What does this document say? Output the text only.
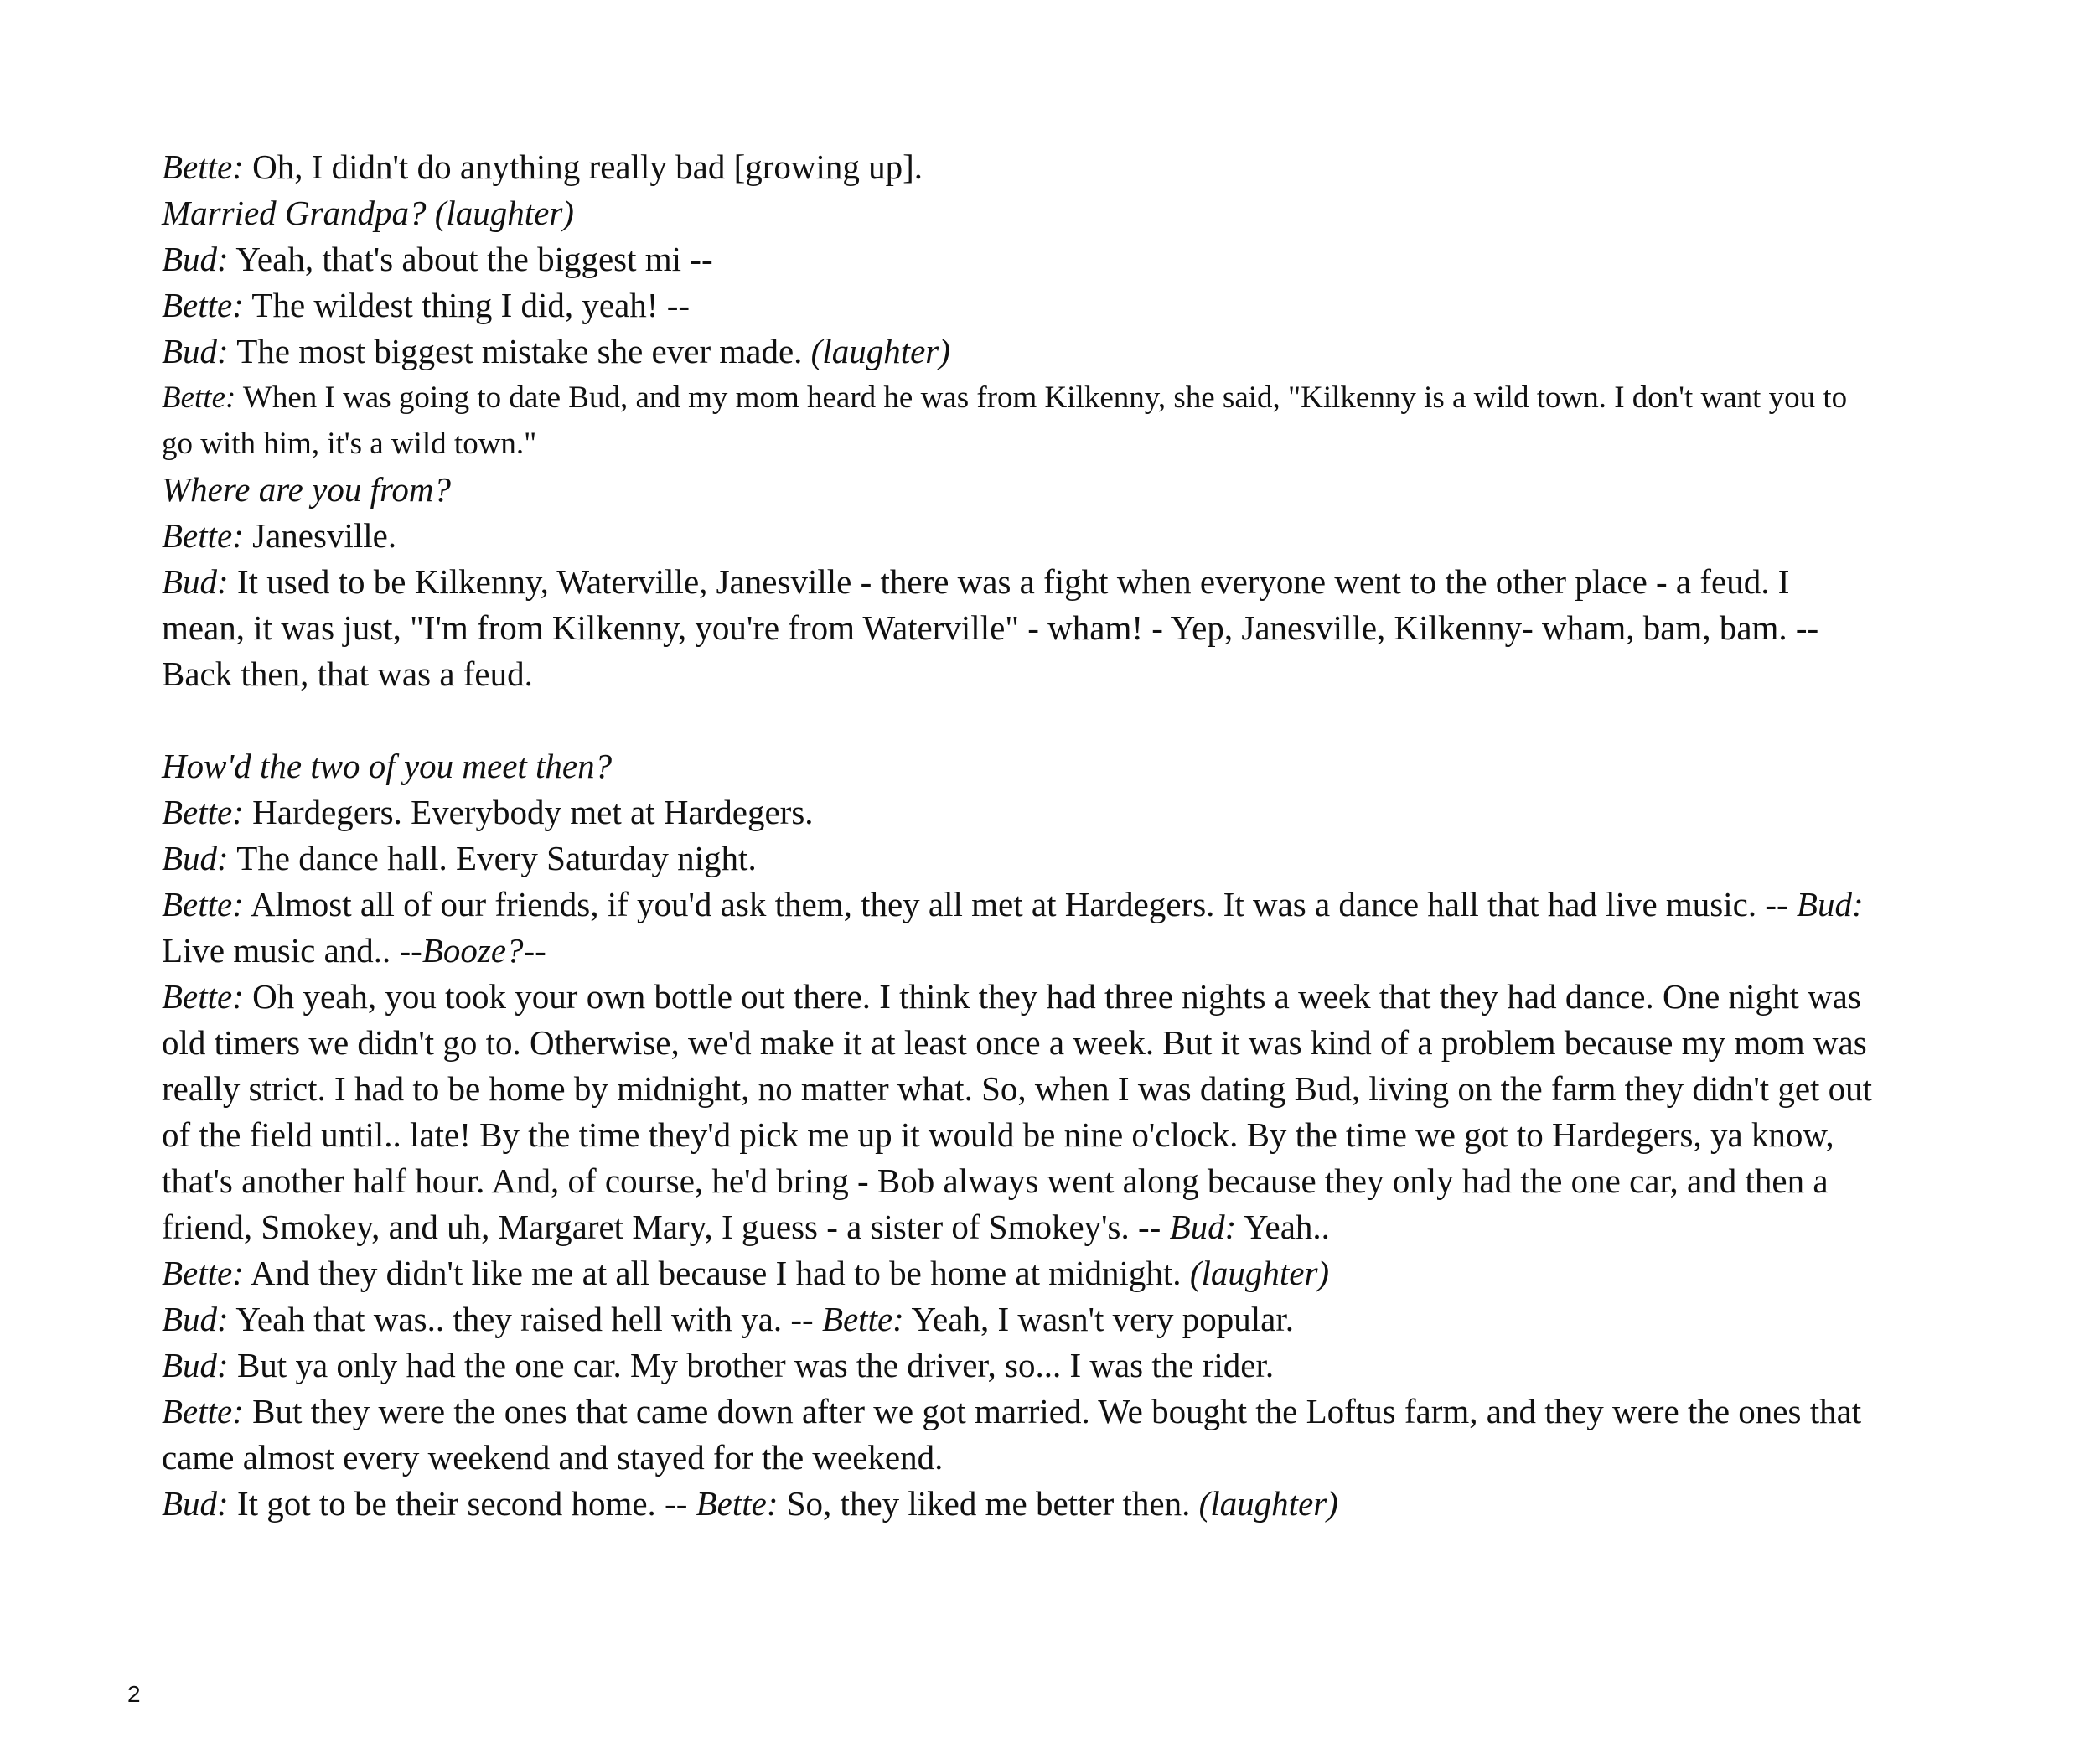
Bette: Oh, I didn't do anything really bad [growing up].

Married Grandpa? (laughter)

Bud: Yeah, that's about the biggest mi --

Bette: The wildest thing I did, yeah! --

Bud: The most biggest mistake she ever made. (laughter)

Bette: When I was going to date Bud, and my mom heard he was from Kilkenny, she said, "Kilkenny is a wild town. I don't want you to go with him, it's a wild town."

Where are you from?

Bette: Janesville.

Bud: It used to be Kilkenny, Waterville, Janesville - there was a fight when everyone went to the other place - a feud. I mean, it was just, "I'm from Kilkenny, you're from Waterville" - wham! - Yep, Janesville, Kilkenny- wham, bam, bam. -- Back then, that was a feud.

How'd the two of you meet then?

Bette: Hardegers. Everybody met at Hardegers.

Bud: The dance hall. Every Saturday night.

Bette: Almost all of our friends, if you'd ask them, they all met at Hardegers. It was a dance hall that had live music. -- Bud: Live music and.. --Booze?--

Bette: Oh yeah, you took your own bottle out there. I think they had three nights a week that they had dance. One night was old timers we didn't go to. Otherwise, we'd make it at least once a week. But it was kind of a problem because my mom was really strict. I had to be home by midnight, no matter what. So, when I was dating Bud, living on the farm they didn't get out of the field until.. late! By the time they'd pick me up it would be nine o'clock. By the time we got to Hardegers, ya know, that's another half hour. And, of course, he'd bring - Bob always went along because they only had the one car, and then a friend, Smokey, and uh, Margaret Mary, I guess - a sister of Smokey's. -- Bud: Yeah..

Bette: And they didn't like me at all because I had to be home at midnight. (laughter)

Bud: Yeah that was.. they raised hell with ya. -- Bette: Yeah, I wasn't very popular.

Bud: But ya only had the one car. My brother was the driver, so... I was the rider.

Bette: But they were the ones that came down after we got married. We bought the Loftus farm, and they were the ones that came almost every weekend and stayed for the weekend.

Bud: It got to be their second home. -- Bette: So, they liked me better then. (laughter)

2
